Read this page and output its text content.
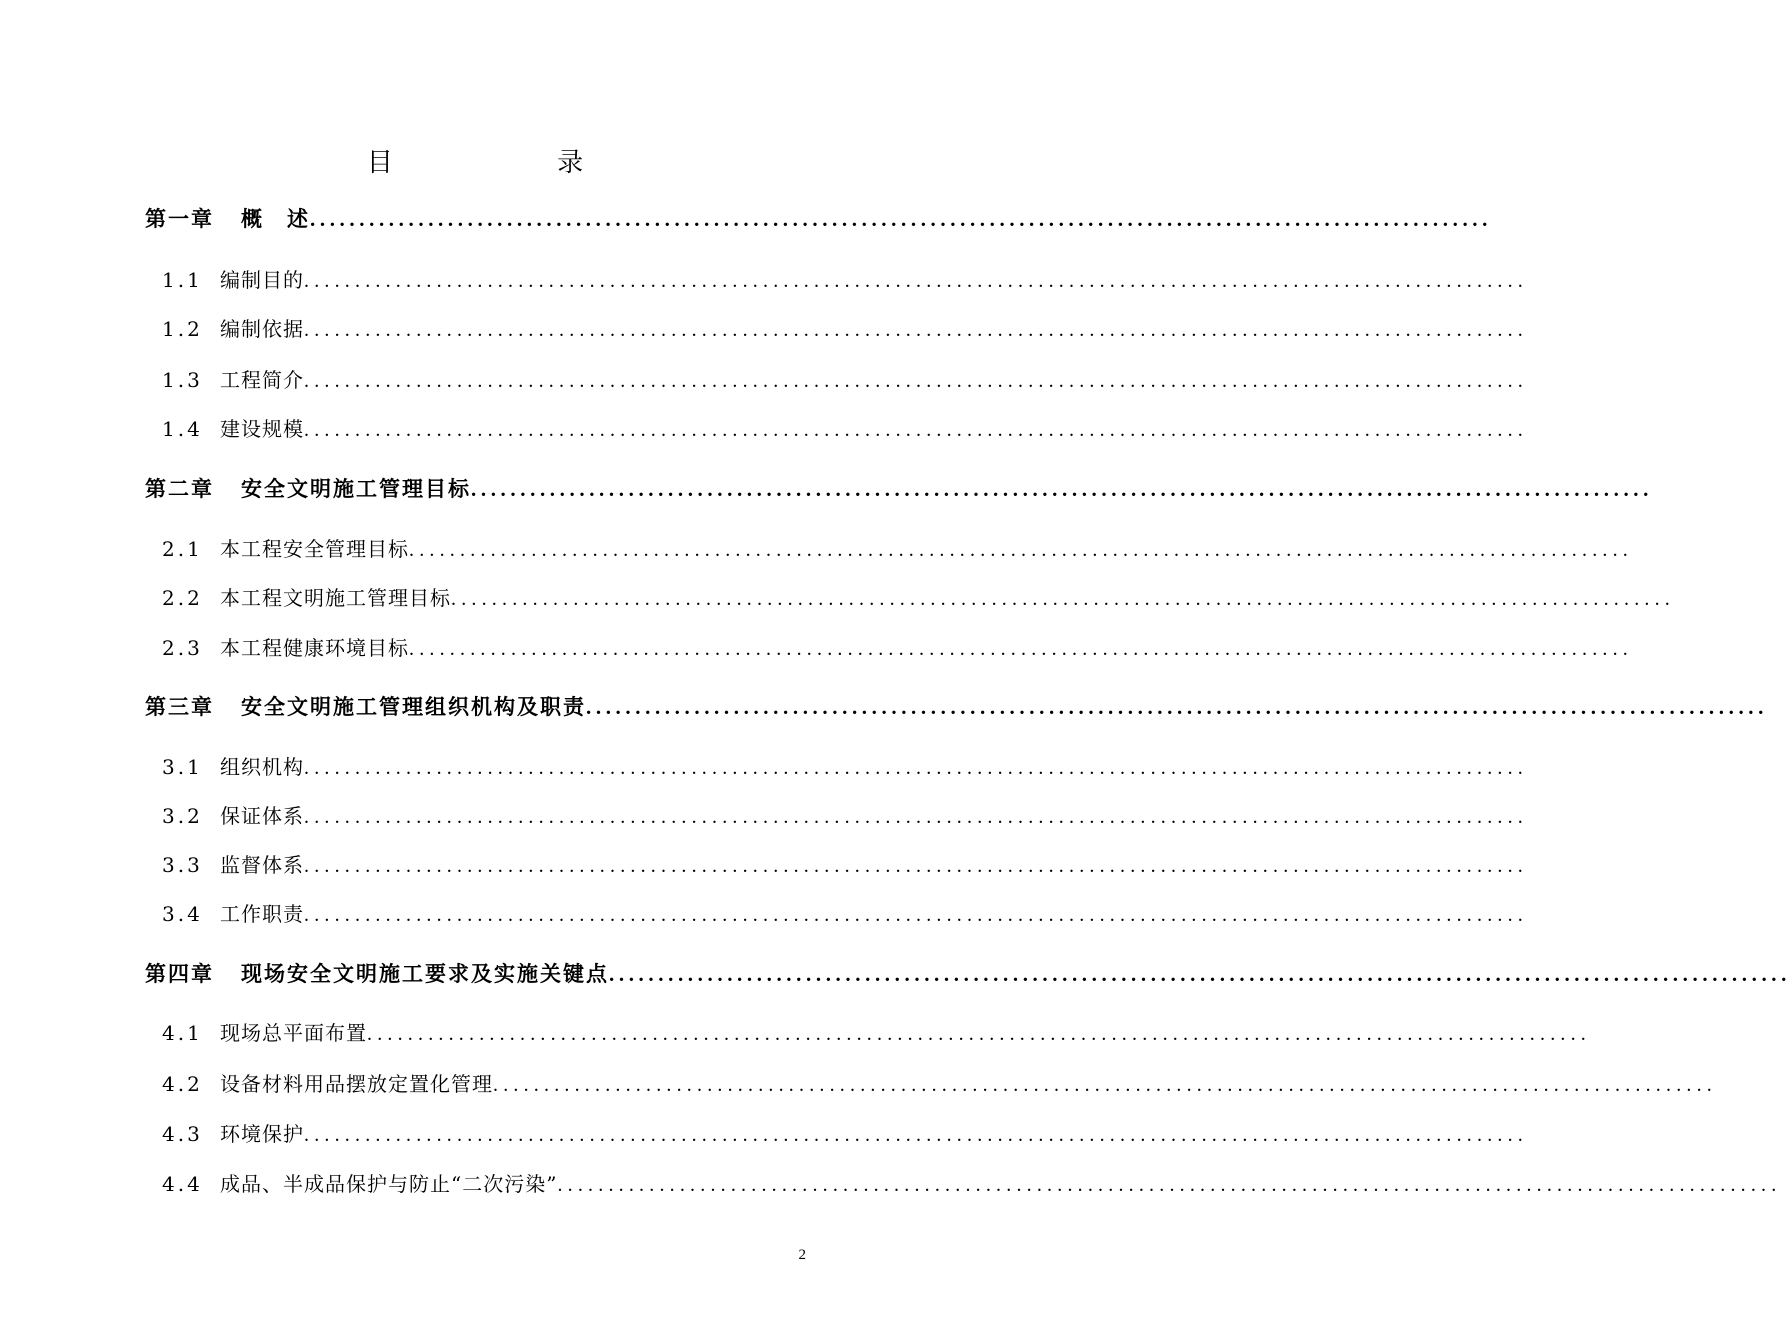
目 录
第一章	概　述 ........................................................................................................................
1.1 编制目的 ........................................................................................................................
1.2 编制依据 ........................................................................................................................
1.3 工程简介 ........................................................................................................................
1.4 建设规模 ........................................................................................................................
第二章	安全文明施工管理目标 ........................................................................................................................
2.1 本工程安全管理目标 ........................................................................................................................
2.2 本工程文明施工管理目标 ........................................................................................................................
2.3 本工程健康环境目标 ........................................................................................................................
第三章	安全文明施工管理组织机构及职责 ........................................................................................................................
3.1 组织机构 ........................................................................................................................
3.2 保证体系 ........................................................................................................................
3.3 监督体系 ........................................................................................................................
3.4 工作职责 ........................................................................................................................
第四章	现场安全文明施工要求及实施关键点 ........................................................................................................................
4.1 现场总平面布置 ........................................................................................................................
4.2 设备材料用品摆放定置化管理 ........................................................................................................................
4.3 环境保护 ........................................................................................................................
4.4 成品、半成品保护与防止“二次污染” ........................................................................................................................
2
